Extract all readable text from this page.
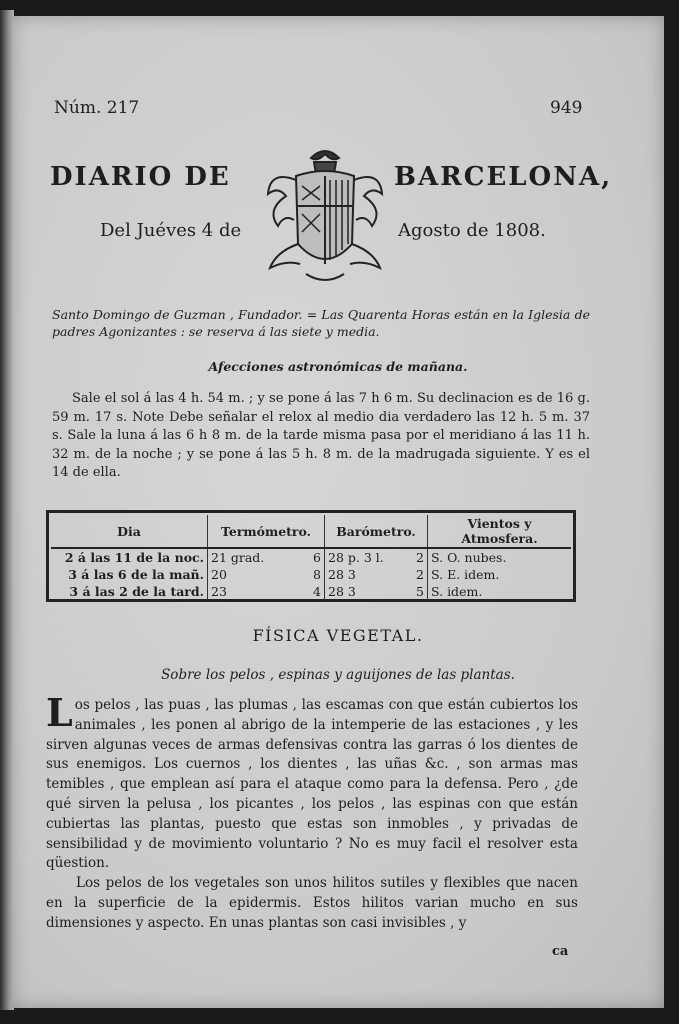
Núm. 217	949
DIARIO DE	BARCELONA,
Del Juéves 4 de	Agosto de 1808.
Santo Domingo de Guzman , Fundador. = Las Quarenta Horas están en la Iglesia de padres Agonizantes : se reserva á las siete y media.
Afecciones astronómicas de mañana.
Sale el sol á las 4 h. 54 m. ; y se pone á las 7 h 6 m. Su declinacion es de 16 g. 59 m. 17 s. Note Debe señalar el relox al medio dia verdadero las 12 h. 5 m. 37 s. Sale la luna á las 6 h 8 m. de la tarde misma pasa por el meridiano á las 11 h. 32 m. de la noche ; y se pone á las 5 h. 8 m. de la madrugada siguiente. Y es el 14 de ella.
Dia	Termómetro.	Barómetro.	Vientos y Atmosfera.
2 á las 11 de la noc.	21 grad. 6	28 p. 3 l. 2	S. O. nubes.
3 á las 6 de la mañ.	20 8	28 3 2	S. E. idem.
3 á las 2 de la tard.	23 4	28 3 5	S. idem.
FÍSICA VEGETAL.
Sobre los pelos , espinas y aguijones de las plantas.

Los pelos , las puas , las plumas , las escamas con que están cubiertos los animales , les ponen al abrigo de la intemperie de las estaciones , y les sirven algunas veces de armas defensivas contra las garras ó los dientes de sus enemigos. Los cuernos , los dientes , las uñas &c. , son armas mas temibles , que emplean así para el ataque como para la defensa. Pero , ¿de qué sirven la pelusa , los picantes , los pelos , las espinas con que están cubiertas las plantas, puesto que estas son inmobles , y privadas de sensibilidad y de movimiento voluntario ? No es muy facil el resolver esta qüestion.

Los pelos de los vegetales son unos hilitos sutiles y flexibles que nacen en la superficie de la epidermis. Estos hilitos varian mucho en sus dimensiones y aspecto. En unas plantas son casi invisibles , y

ca
